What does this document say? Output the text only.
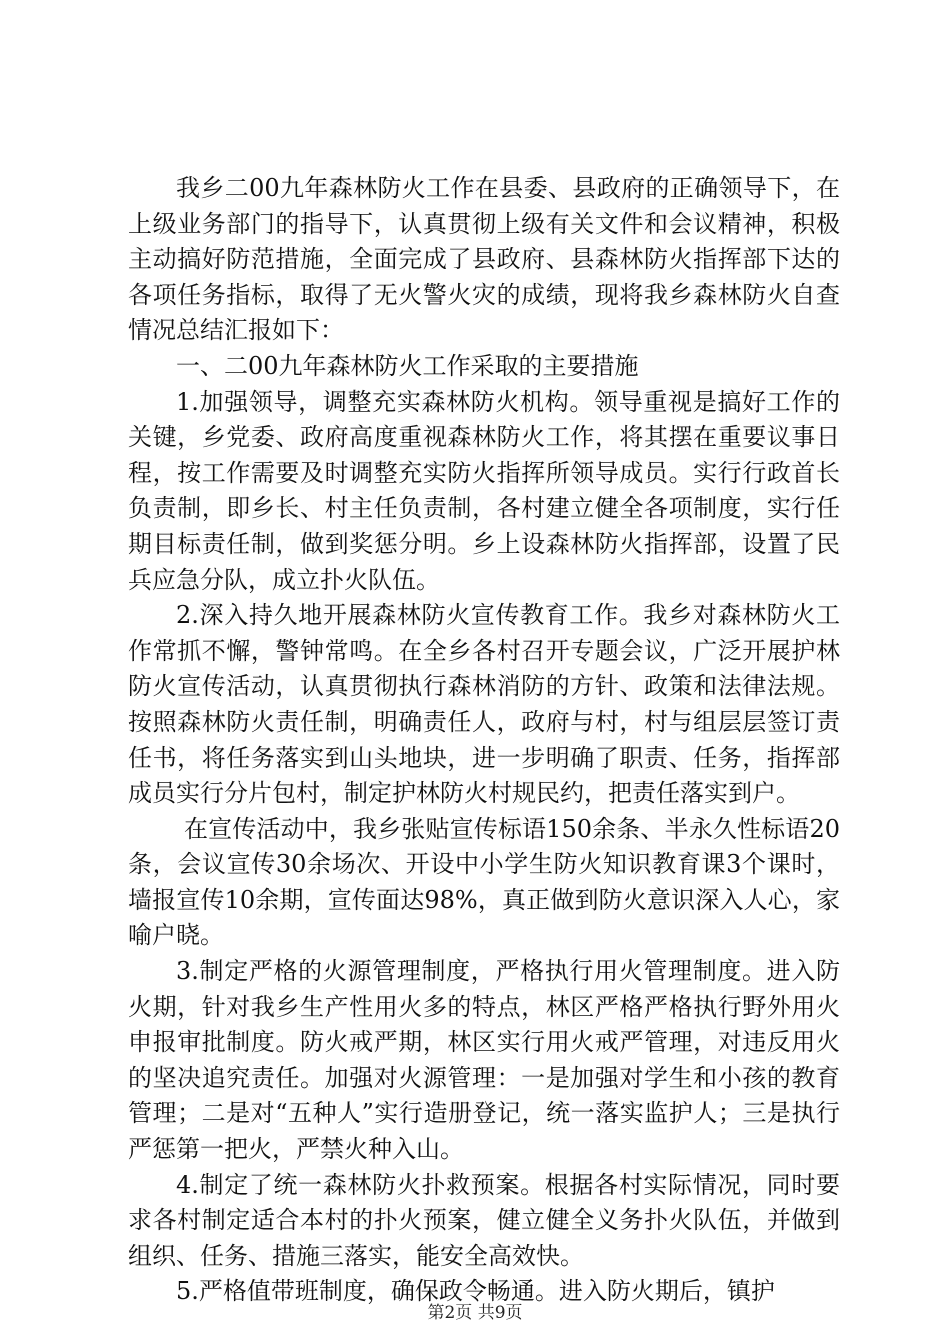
我乡二00九年森林防火工作在县委、县政府的正确领导下，在上级业务部门的指导下，认真贯彻上级有关文件和会议精神，积极主动搞好防范措施，全面完成了县政府、县森林防火指挥部下达的各项任务指标，取得了无火警火灾的成绩，现将我乡森林防火自查情况总结汇报如下：

一、二00九年森林防火工作采取的主要措施

1.加强领导，调整充实森林防火机构。领导重视是搞好工作的关键，乡党委、政府高度重视森林防火工作，将其摆在重要议事日程，按工作需要及时调整充实防火指挥所领导成员。实行行政首长负责制，即乡长、村主任负责制，各村建立健全各项制度，实行任期目标责任制，做到奖惩分明。乡上设森林防火指挥部，设置了民兵应急分队，成立扑火队伍。

2.深入持久地开展森林防火宣传教育工作。我乡对森林防火工作常抓不懈，警钟常鸣。在全乡各村召开专题会议，广泛开展护林防火宣传活动，认真贯彻执行森林消防的方针、政策和法律法规。按照森林防火责任制，明确责任人，政府与村，村与组层层签订责任书，将任务落实到山头地块，进一步明确了职责、任务，指挥部成员实行分片包村，制定护林防火村规民约，把责任落实到户。

在宣传活动中，我乡张贴宣传标语150余条、半永久性标语20条，会议宣传30余场次、开设中小学生防火知识教育课3个课时，墙报宣传10余期，宣传面达98%，真正做到防火意识深入人心，家喻户晓。

3.制定严格的火源管理制度，严格执行用火管理制度。进入防火期，针对我乡生产性用火多的特点，林区严格严格执行野外用火申报审批制度。防火戒严期，林区实行用火戒严管理，对违反用火的坚决追究责任。加强对火源管理：一是加强对学生和小孩的教育管理；二是对“五种人”实行造册登记，统一落实监护人；三是执行严惩第一把火，严禁火种入山。

4.制定了统一森林防火扑救预案。根据各村实际情况，同时要求各村制定适合本村的扑火预案，健立健全义务扑火队伍，并做到组织、任务、措施三落实，能安全高效快。

5.严格值带班制度，确保政令畅通。进入防火期后，镇护

第2页 共9页
